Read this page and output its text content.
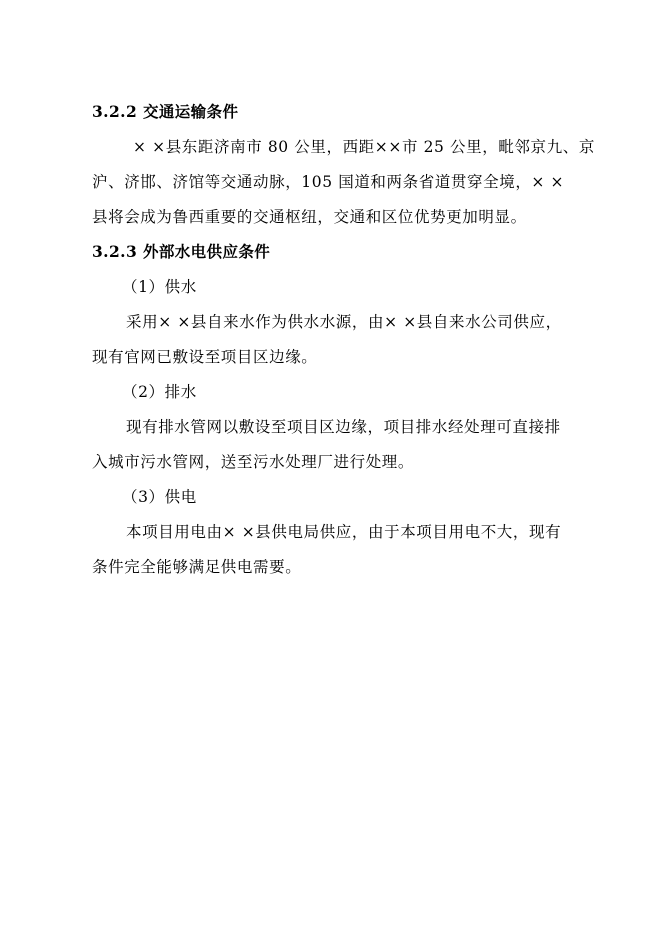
3.2.2 交通运输条件
× ×县东距济南市 80 公里，西距××市 25 公里，毗邻京九、京
沪、济邯、济馆等交通动脉，105 国道和两条省道贯穿全境，× ×
县将会成为鲁西重要的交通枢纽，交通和区位优势更加明显。
3.2.3 外部水电供应条件
（1）供水
采用× ×县自来水作为供水水源，由× ×县自来水公司供应，
现有官网已敷设至项目区边缘。
（2）排水
现有排水管网以敷设至项目区边缘，项目排水经处理可直接排
入城市污水管网，送至污水处理厂进行处理。
（3）供电
本项目用电由× ×县供电局供应，由于本项目用电不大，现有
条件完全能够满足供电需要。
